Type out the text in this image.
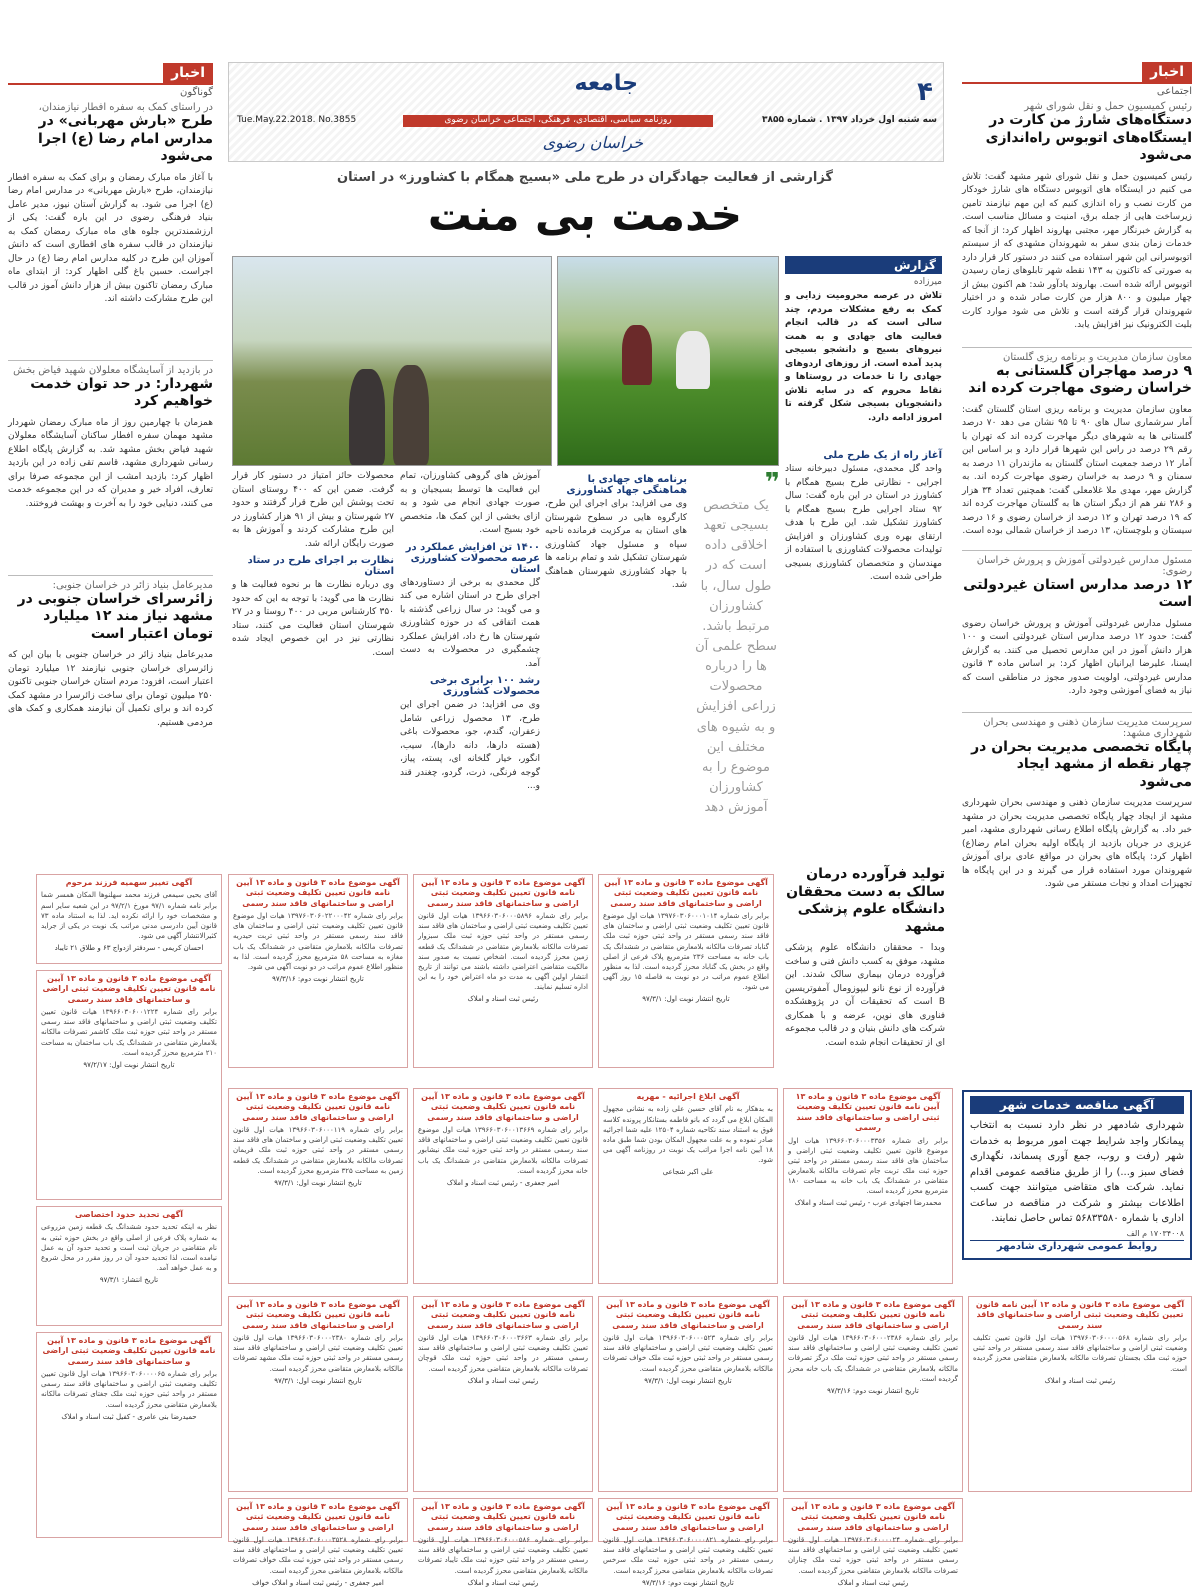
۴
جامعه
سه شنبه اول خرداد ۱۳۹۷ . شماره ۳۸۵۵
روزنامه سیاسی، اقتصادی، فرهنگی، اجتماعی خراسان رضوی
Tue.May.22.2018. No.3855
خراسان رضوی
اخبار
اجتماعی
رئیس کمیسیون حمل و نقل شورای شهر
دستگاه‌های شارژ من کارت در ایستگاه‌های اتوبوس راه‌اندازی می‌شود
رئیس کمیسیون حمل و نقل شورای شهر مشهد گفت: تلاش می کنیم در ایستگاه های اتوبوس دستگاه های شارژ خودکار من کارت نصب و راه اندازی کنیم که این مهم نیازمند تامین زیرساخت هایی از جمله برق، امنیت و مسائل مناسب است. به گزارش خبرنگار مهر، مجتبی بهاروند اظهار کرد: از آنجا که خدمات زمان بندی سفر به شهروندان مشهدی که از سیستم اتوبوسرانی این شهر استفاده می کنند در دستور کار قرار دارد به صورتی که تاکنون به ۱۴۳ نقطه شهر تابلوهای زمان رسیدن اتوبوس ارائه شده است. بهاروند یادآور شد: هم اکنون بیش از چهار میلیون و ۸۰۰ هزار من کارت صادر شده و در اختیار شهروندان قرار گرفته است و تلاش می شود موارد کارت بلیت الکترونیک نیز افزایش یابد.
معاون سازمان مدیریت و برنامه ریزی گلستان
۹ درصد مهاجران گلستانی به خراسان رضوی مهاجرت کرده اند
معاون سازمان مدیریت و برنامه ریزی استان گلستان گفت: آمار سرشماری سال های ۹۰ تا ۹۵ نشان می دهد ۷۰ درصد گلستانی ها به شهرهای دیگر مهاجرت کرده اند که تهران با رقم ۲۹ درصد در راس این شهرها قرار دارد و بر اساس این آمار ۱۲ درصد جمعیت استان گلستان به مازندران ۱۱ درصد به سمنان و ۹ درصد به خراسان رضوی مهاجرت کرده اند. به گزارش مهر، مهدی ملا غلامعلی گفت: همچنین تعداد ۳۴ هزار و ۲۸۶ نفر هم از دیگر استان ها به گلستان مهاجرت کرده اند که ۱۹ درصد تهران و ۱۲ درصد از خراسان رضوی و ۱۶ درصد سیستان و بلوچستان، ۱۳ درصد از خراسان شمالی بوده است.
مسئول مدارس غیردولتی آموزش و پرورش خراسان رضوی:
۱۲ درصد مدارس استان غیردولتی است
مسئول مدارس غیردولتی آموزش و پرورش خراسان رضوی گفت: حدود ۱۲ درصد مدارس استان غیردولتی است و ۱۰۰ هزار دانش آموز در این مدارس تحصیل می کنند. به گزارش ایسنا، علیرضا ایرانیان اظهار کرد: بر اساس ماده ۳ قانون مدارس غیردولتی، اولویت صدور مجوز در مناطقی است که نیاز به فضای آموزشی وجود دارد.
سرپرست مدیریت سازمان ذهنی و مهندسی بحران شهرداری مشهد:
پایگاه تخصصی مدیریت بحران در چهار نقطه از مشهد ایجاد می‌شود
سرپرست مدیریت سازمان ذهنی و مهندسی بحران شهرداری مشهد از ایجاد چهار پایگاه تخصصی مدیریت بحران در مشهد خبر داد. به گزارش پایگاه اطلاع رسانی شهرداری مشهد، امیر عزیزی در جریان بازدید از پایگاه اولیه بحران امام رضا(ع) اظهار کرد: پایگاه های بحران در مواقع عادی برای آموزش شهروندان مورد استفاده قرار می گیرند و در این پایگاه ها تجهیزات امداد و نجات مستقر می شود.
اخبار
گوناگون
در راستای کمک به سفره افطار نیازمندان،
طرح «بارش مهربانی» در مدارس امام رضا (ع) اجرا می‌شود
با آغاز ماه مبارک رمضان و برای کمک به سفره افطار نیازمندان، طرح «بارش مهربانی» در مدارس امام رضا (ع) اجرا می شود. به گزارش آستان نیوز، مدیر عامل بنیاد فرهنگی رضوی در این باره گفت: یکی از ارزشمندترین جلوه های ماه مبارک رمضان کمک به نیازمندان در قالب سفره های افطاری است که دانش آموزان این طرح در کلیه مدارس امام رضا (ع) در حال اجراست. حسین باغ گلی اظهار کرد: از ابتدای ماه مبارک رمضان تاکنون بیش از هزار دانش آموز در قالب این طرح مشارکت داشته اند.
در بازدید از آسایشگاه معلولان شهید فیاض بخش
شهردار: در حد توان خدمت خواهیم کرد
همزمان با چهارمین روز از ماه مبارک رمضان شهردار مشهد مهمان سفره افطار ساکنان آسایشگاه معلولان شهید فیاض بخش مشهد شد. به گزارش پایگاه اطلاع رسانی شهرداری مشهد، قاسم تقی زاده در این بازدید اظهار کرد: بازدید امشب از این مجموعه صرفا برای تعارف، افراد خیر و مدیران که در این مجموعه خدمت می کنند، دنیایی خود را به آخرت و بهشت فروختند.
مدیرعامل بنیاد زائر در خراسان جنوبی:
زائرسرای خراسان جنوبی در مشهد نیاز مند ۱۲ میلیارد تومان اعتبار است
مدیرعامل بنیاد زائر در خراسان جنوبی با بیان این که زائرسرای خراسان جنوبی نیازمند ۱۲ میلیارد تومان اعتبار است، افزود: مردم استان خراسان جنوبی تاکنون ۲۵۰ میلیون تومان برای ساخت زائرسرا در مشهد کمک کرده اند و برای تکمیل آن نیازمند همکاری و کمک های مردمی هستیم.
گزارشی از فعالیت جهادگران در طرح ملی «بسیج همگام با کشاورز» در استان
خدمت بی منت
گزارش
میرزاده
تلاش در عرصه محرومیت زدایی و کمک به رفع مشکلات مردم، چند سالی است که در قالب انجام فعالیت های جهادی و به همت نیروهای بسیج و دانشجو بسیجی پدید آمده است. از روزهای اردوهای جهادی را تا خدمات در روستاها و نقاط محروم که در سایه تلاش دانشجویان بسیجی شکل گرفته تا امروز ادامه دارد.
آغاز راه از یک طرح ملی
واحد گل محمدی، مسئول دبیرخانه ستاد اجرایی - نظارتی طرح بسیج همگام با کشاورز در استان در این باره گفت: سال ۹۲ ستاد اجرایی طرح بسیج همگام با کشاورز تشکیل شد. این طرح با هدف ارتقای بهره وری کشاورزان و افزایش تولیدات محصولات کشاورزی با استفاده از مهندسان و متخصصان کشاورزی بسیجی طراحی شده است.
❞
یک متخصص بسیجی تعهد اخلاقی داده است که در طول سال، با کشاورزان مرتبط باشد. سطح علمی آن ها را درباره محصولات زراعی افزایش و به شیوه های مختلف این موضوع را به کشاورزان آموزش دهد
برنامه های جهادی با هماهنگی جهاد کشاورزی
وی می افزاید: برای اجرای این طرح، کارگروه هایی در سطوح شهرستان های استان به مرکزیت فرمانده ناحیه سپاه و مسئول جهاد کشاورزی شهرستان تشکیل شد و تمام برنامه ها با جهاد کشاورزی شهرستان هماهنگ شد.
آموزش های گروهی کشاورزان، تمام این فعالیت ها توسط بسیجیان و به صورت جهادی انجام می شود و به ازای بخشی از این کمک ها، متخصص خود بسیج است.
۱۴۰۰ تن افزایش عملکرد در عرصه محصولات کشاورزی استان
گل محمدی به برخی از دستاوردهای اجرای طرح در استان اشاره می کند و می گوید: در سال زراعی گذشته با همت اتفاقی که در حوزه کشاورزی شهرستان ها رخ داد، افزایش عملکرد چشمگیری در محصولات به دست آمد.
رشد ۱۰۰ برابری برخی محصولات کشاورزی
وی می افزاید: در ضمن اجرای این طرح، ۱۳ محصول زراعی شامل زعفران، گندم، جو، محصولات باغی (هسته دارها، دانه دارها)، سیب، انگور، خیار گلخانه ای، پسته، پیاز، گوجه فرنگی، ذرت، گردو، چغندر قند و...
محصولات حائز امتیاز در دستور کار قرار گرفت. ضمن این که ۴۰۰ روستای استان تحت پوشش این طرح قرار گرفتند و حدود ۲۷ شهرستان و بیش از ۹۱ هزار کشاورز در این طرح مشارکت کردند و آموزش ها به صورت رایگان ارائه شد.
نظارت بر اجرای طرح در ستاد استان
وی درباره نظارت ها بر نحوه فعالیت ها و نظارت ها می گوید: با توجه به این که حدود ۳۵۰ کارشناس مربی در ۴۰۰ روستا و در ۲۷ شهرستان استان فعالیت می کنند، ستاد نظارتی نیز در این خصوص ایجاد شده است.
تولید فرآورده درمان سالک به دست محققان دانشگاه علوم پزشکی مشهد
وبدا - محققان دانشگاه علوم پزشکی مشهد، موفق به کسب دانش فنی و ساخت فرآورده درمان بیماری سالک شدند. این فرآورده از نوع نانو لیپوزومال آمفوتریسین B است که تحقیقات آن در پژوهشکده فناوری های نوین، عرضه و با همکاری شرکت های دانش بنیان و در قالب مجموعه ای از تحقیقات انجام شده است.
آگهی مناقصه خدمات شهر
شهرداری شادمهر در نظر دارد نسبت به انتخاب پیمانکار واجد شرایط جهت امور مربوط به خدمات شهر (رفت و روب، جمع آوری پسماند، نگهداری فضای سبز و...) را از طریق مناقصه عمومی اقدام نماید. شرکت های متقاضی میتوانند جهت کسب اطلاعات بیشتر و شرکت در مناقصه در ساعت اداری با شماره ۵۶۸۳۳۵۸۰ تماس حاصل نمایند.
۱۷۰۳۴۰۰۸ م الف
روابط عمومی شهرداری شادمهر
آگهی موضوع ماده ۳ قانون و ماده ۱۳ آیین نامه قانون تعیین تکلیف وضعیت ثبتی اراضی و ساختمانهای فاقد سند رسمی
برابر رای شماره ۱۳۹۷۶۰۳۰۶۰۰۰۱۰۱۴ هیات اول موضوع قانون تعیین تکلیف وضعیت ثبتی اراضی و ساختمان های فاقد سند رسمی مستقر در واحد ثبتی حوزه ثبت ملک گناباد تصرفات مالکانه بلامعارض متقاضی در ششدانگ یک باب خانه به مساحت ۲۳۶ مترمربع پلاک فرعی از اصلی واقع در بخش یک گناباد محرز گردیده است. لذا به منظور اطلاع عموم مراتب در دو نوبت به فاصله ۱۵ روز آگهی می شود.
تاریخ انتشار نوبت اول: ۹۷/۳/۱
آگهی موضوع ماده ۳ قانون و ماده ۱۳ آیین نامه قانون تعیین تکلیف وضعیت ثبتی اراضی و ساختمانهای فاقد سند رسمی
برابر رای شماره ۱۳۹۶۶۰۳۰۶۰۰۰۵۸۹۶ هیات اول قانون تعیین تکلیف وضعیت ثبتی اراضی و ساختمان های فاقد سند رسمی مستقر در واحد ثبتی حوزه ثبت ملک سبزوار تصرفات مالکانه بلامعارض متقاضی در ششدانگ یک قطعه زمین محرز گردیده است. اشخاص نسبت به صدور سند مالکیت متقاضی اعتراضی داشته باشند می توانند از تاریخ انتشار اولین آگهی به مدت دو ماه اعتراض خود را به این اداره تسلیم نمایند.
رئیس ثبت اسناد و املاک
آگهی موضوع ماده ۳ قانون و ماده ۱۳ آیین نامه قانون تعیین تکلیف وضعیت ثبتی اراضی و ساختمانهای فاقد سند رسمی
برابر رای شماره ۱۳۹۷۶۰۳۰۶۰۲۲۰۰۰۴۲ هیات اول موضوع قانون تعیین تکلیف وضعیت ثبتی اراضی و ساختمان های فاقد سند رسمی مستقر در واحد ثبتی تربت حیدریه تصرفات مالکانه بلامعارض متقاضی در ششدانگ یک باب مغازه به مساحت ۵۸ مترمربع محرز گردیده است. لذا به منظور اطلاع عموم مراتب در دو نوبت آگهی می شود.
تاریخ انتشار نوبت دوم: ۹۷/۳/۱۶
آگهی تغییر سهمیه فرزند مرحوم
آقای یحیی سیمعی فرزند محمد سهلنوها المکان همسر شما برابر نامه شماره ۹۷/۱ مورخ ۹۷/۲/۱ در این شعبه سایر اسم و مشخصات خود را ارائه نکرده اید. لذا به استناد ماده ۷۳ قانون آیین دادرسی مدنی مراتب یک نوبت در یکی از جراید کثیرالانتشار آگهی می شود.
احسان کریمی - سردفتر ازدواج ۶۳ و طلاق ۲۱ تایباد
آگهی موضوع ماده ۳ قانون و ماده ۱۳ آیین نامه قانون تعیین تکلیف وضعیت ثبتی اراضی و ساختمانهای فاقد سند رسمی
برابر رای شماره ۱۳۹۶۶۰۳۰۶۰۰۱۲۲۴ هیات قانون تعیین تکلیف وضعیت ثبتی اراضی و ساختمانهای فاقد سند رسمی مستقر در واحد ثبتی حوزه ثبت ملک کاشمر تصرفات مالکانه بلامعارض متقاضی در ششدانگ یک باب ساختمان به مساحت ۲۱۰ مترمربع محرز گردیده است.
تاریخ انتشار نوبت اول: ۹۷/۲/۱۷
آگهی موضوع ماده ۳ قانون و ماده ۱۳ آیین نامه قانون تعیین تکلیف وضعیت ثبتی اراضی و ساختمانهای فاقد سند رسمی
برابر رای شماره ۱۳۹۶۶۰۳۰۶۰۰۰۳۳۵۶ هیات اول موضوع قانون تعیین تکلیف وضعیت ثبتی اراضی و ساختمان های فاقد سند رسمی مستقر در واحد ثبتی حوزه ثبت ملک تربت جام تصرفات مالکانه بلامعارض متقاضی در ششدانگ یک باب خانه به مساحت ۱۸۰ مترمربع محرز گردیده است.
محمدرضا اجتهادی عرب - رئیس ثبت اسناد و املاک
آگهی ابلاغ اجرائیه - مهریه
به بدهکار به نام آقای حسین علی زاده به نشانی مجهول المکان ابلاغ می گردد که بانو فاطمه بستانکار پرونده کلاسه فوق به استناد سند نکاحیه شماره ۱۲۵۰۴ علیه شما اجرائیه صادر نموده و به علت مجهول المکان بودن شما طبق ماده ۱۸ آیین نامه اجرا مراتب یک نوبت در روزنامه آگهی می شود.
علی اکبر شجاعی
آگهی موضوع ماده ۳ قانون و ماده ۱۳ آیین نامه قانون تعیین تکلیف وضعیت ثبتی اراضی و ساختمانهای فاقد سند رسمی
برابر رای شماره ۱۳۹۶۶۰۳۰۶۰۰۱۳۶۶۹ هیات اول موضوع قانون تعیین تکلیف وضعیت ثبتی اراضی و ساختمانهای فاقد سند رسمی مستقر در واحد ثبتی حوزه ثبت ملک نیشابور تصرفات مالکانه بلامعارض متقاضی در ششدانگ یک باب خانه محرز گردیده است.
امیر جعفری - رئیس ثبت اسناد و املاک
آگهی موضوع ماده ۳ قانون و ماده ۱۳ آیین نامه قانون تعیین تکلیف وضعیت ثبتی اراضی و ساختمانهای فاقد سند رسمی
برابر رای شماره ۱۳۹۶۶۰۳۰۶۰۰۰۱۱۹ هیات اول قانون تعیین تکلیف وضعیت ثبتی اراضی و ساختمان های فاقد سند رسمی مستقر در واحد ثبتی حوزه ثبت ملک فریمان تصرفات مالکانه بلامعارض متقاضی در ششدانگ یک قطعه زمین به مساحت ۳۲۵ مترمربع محرز گردیده است.
تاریخ انتشار نوبت اول: ۹۷/۳/۱
آگهی تحدید حدود اختصاصی
نظر به اینکه تحدید حدود ششدانگ یک قطعه زمین مزروعی به شماره پلاک فرعی از اصلی واقع در بخش حوزه ثبتی به نام متقاضی در جریان ثبت است و تحدید حدود آن به عمل نیامده است، لذا تحدید حدود آن در روز مقرر در محل شروع و به عمل خواهد آمد.
تاریخ انتشار: ۹۷/۳/۱
آگهی موضوع ماده ۳ قانون و ماده ۱۳ آیین نامه قانون تعیین تکلیف وضعیت ثبتی اراضی و ساختمانهای فاقد سند رسمی
برابر رای شماره ۱۳۹۷۶۰۳۰۶۰۰۰۰۵۶۸ هیات اول قانون تعیین تکلیف وضعیت ثبتی اراضی و ساختمانهای فاقد سند رسمی مستقر در واحد ثبتی حوزه ثبت ملک بجستان تصرفات مالکانه بلامعارض متقاضی محرز گردیده است.
رئیس ثبت اسناد و املاک
آگهی موضوع ماده ۳ قانون و ماده ۱۳ آیین نامه قانون تعیین تکلیف وضعیت ثبتی اراضی و ساختمانهای فاقد سند رسمی
برابر رای شماره ۱۳۹۶۶۰۳۰۶۰۰۰۲۳۸۶ هیات اول قانون تعیین تکلیف وضعیت ثبتی اراضی و ساختمانهای فاقد سند رسمی مستقر در واحد ثبتی حوزه ثبت ملک درگز تصرفات مالکانه بلامعارض متقاضی در ششدانگ یک باب خانه محرز گردیده است.
تاریخ انتشار نوبت دوم: ۹۷/۳/۱۶
آگهی موضوع ماده ۳ قانون و ماده ۱۳ آیین نامه قانون تعیین تکلیف وضعیت ثبتی اراضی و ساختمانهای فاقد سند رسمی
برابر رای شماره ۱۳۹۶۶۰۳۰۶۰۰۰۵۲۳ هیات اول قانون تعیین تکلیف وضعیت ثبتی اراضی و ساختمانهای فاقد سند رسمی مستقر در واحد ثبتی حوزه ثبت ملک خواف تصرفات مالکانه بلامعارض متقاضی محرز گردیده است.
تاریخ انتشار نوبت اول: ۹۷/۳/۱
آگهی موضوع ماده ۳ قانون و ماده ۱۳ آیین نامه قانون تعیین تکلیف وضعیت ثبتی اراضی و ساختمانهای فاقد سند رسمی
برابر رای شماره ۱۳۹۶۶۰۳۰۶۰۰۰۳۶۶۳ هیات اول قانون تعیین تکلیف وضعیت ثبتی اراضی و ساختمانهای فاقد سند رسمی مستقر در واحد ثبتی حوزه ثبت ملک قوچان تصرفات مالکانه بلامعارض متقاضی محرز گردیده است.
رئیس ثبت اسناد و املاک
آگهی موضوع ماده ۳ قانون و ماده ۱۳ آیین نامه قانون تعیین تکلیف وضعیت ثبتی اراضی و ساختمانهای فاقد سند رسمی
برابر رای شماره ۱۳۹۶۶۰۳۰۶۰۰۰۲۳۸۰ هیات اول قانون تعیین تکلیف وضعیت ثبتی اراضی و ساختمانهای فاقد سند رسمی مستقر در واحد ثبتی حوزه ثبت ملک مشهد تصرفات مالکانه بلامعارض متقاضی محرز گردیده است.
تاریخ انتشار نوبت اول: ۹۷/۳/۱
آگهی موضوع ماده ۳ قانون و ماده ۱۳ آیین نامه قانون تعیین تکلیف وضعیت ثبتی اراضی و ساختمانهای فاقد سند رسمی
برابر رای شماره ۱۳۹۶۶۰۳۰۶۰۰۰۰۶۵ هیات اول قانون تعیین تکلیف وضعیت ثبتی اراضی و ساختمانهای فاقد سند رسمی مستقر در واحد ثبتی حوزه ثبت ملک جغتای تصرفات مالکانه بلامعارض متقاضی محرز گردیده است.
حمیدرضا بنی عامری - کفیل ثبت اسناد و املاک
آگهی موضوع ماده ۳ قانون و ماده ۱۳ آیین نامه قانون تعیین تکلیف وضعیت ثبتی اراضی و ساختمانهای فاقد سند رسمی
برابر رای شماره ۱۳۹۷۶۰۳۰۶۰۰۰۰۲۴ هیات اول قانون تعیین تکلیف وضعیت ثبتی اراضی و ساختمانهای فاقد سند رسمی مستقر در واحد ثبتی حوزه ثبت ملک چناران تصرفات مالکانه بلامعارض متقاضی محرز گردیده است.
رئیس ثبت اسناد و املاک
آگهی موضوع ماده ۳ قانون و ماده ۱۳ آیین نامه قانون تعیین تکلیف وضعیت ثبتی اراضی و ساختمانهای فاقد سند رسمی
برابر رای شماره ۱۳۹۶۶۰۳۰۶۰۰۰۰۸۲۱ هیات اول قانون تعیین تکلیف وضعیت ثبتی اراضی و ساختمانهای فاقد سند رسمی مستقر در واحد ثبتی حوزه ثبت ملک سرخس تصرفات مالکانه بلامعارض متقاضی محرز گردیده است.
تاریخ انتشار نوبت دوم: ۹۷/۳/۱۶
آگهی موضوع ماده ۳ قانون و ماده ۱۳ آیین نامه قانون تعیین تکلیف وضعیت ثبتی اراضی و ساختمانهای فاقد سند رسمی
برابر رای شماره ۱۳۹۶۶۰۳۰۶۰۰۰۵۸۶ هیات اول قانون تعیین تکلیف وضعیت ثبتی اراضی و ساختمانهای فاقد سند رسمی مستقر در واحد ثبتی حوزه ثبت ملک تایباد تصرفات مالکانه بلامعارض متقاضی محرز گردیده است.
رئیس ثبت اسناد و املاک
آگهی موضوع ماده ۳ قانون و ماده ۱۳ آیین نامه قانون تعیین تکلیف وضعیت ثبتی اراضی و ساختمانهای فاقد سند رسمی
برابر رای شماره ۱۳۹۶۶۰۳۰۶۰۰۰۳۵۲۸ هیات اول قانون تعیین تکلیف وضعیت ثبتی اراضی و ساختمانهای فاقد سند رسمی مستقر در واحد ثبتی حوزه ثبت ملک خواف تصرفات مالکانه بلامعارض متقاضی محرز گردیده است.
امیر جعفری - رئیس ثبت اسناد و املاک خواف
